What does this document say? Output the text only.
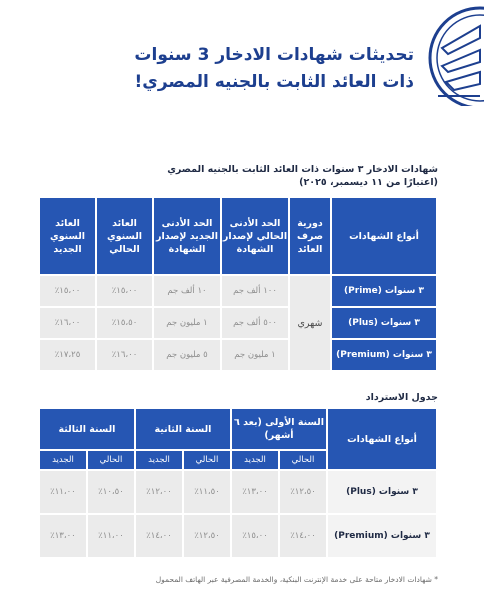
تحديثات شهادات الادخار 3 سنوات
ذات العائد الثابت بالجنيه المصري!
شهادات الادخار ٣ سنوات ذات العائد الثابت بالجنيه المصري
(اعتبارًا من ١١ ديسمبر، ٢٠٢٥)
أنواع الشهادات	دورية صرف العائد	الحد الأدنى الحالي لإصدار الشهادة	الحد الأدنى الجديد لإصدار الشهادة	العائد السنوي الحالي	العائد السنوي الجديد
٣ سنوات (Prime)	شهري	١٠٠ ألف جم	١٠ ألف جم	١٥،٠٠٪	١٥،٠٠٪
٣ سنوات (Plus)		٥٠٠ ألف جم	١ مليون جم	١٥،٥٠٪	١٦،٠٠٪
٣ سنوات (Premium)		١ مليون جم	٥ مليون جم	١٦،٠٠٪	١٧،٢٥٪
جدول الاسترداد
أنواع الشهادات	السنة الأولى (بعد ٦ أشهر)		السنة الثانية		السنة الثالثة	
	الحالي	الجديد	الحالي	الجديد	الحالي	الجديد
٣ سنوات (Plus)	١٢،٥٠٪	١٣،٠٠٪	١١،٥٠٪	١٢،٠٠٪	١٠،٥٠٪	١١،٠٠٪
٣ سنوات (Premium)	١٤،٠٠٪	١٥،٠٠٪	١٢،٥٠٪	١٤،٠٠٪	١١،٠٠٪	١٣،٠٠٪
* شهادات الادخار متاحة على خدمة الإنترنت البنكية، والخدمة المصرفية عبر الهاتف المحمول
